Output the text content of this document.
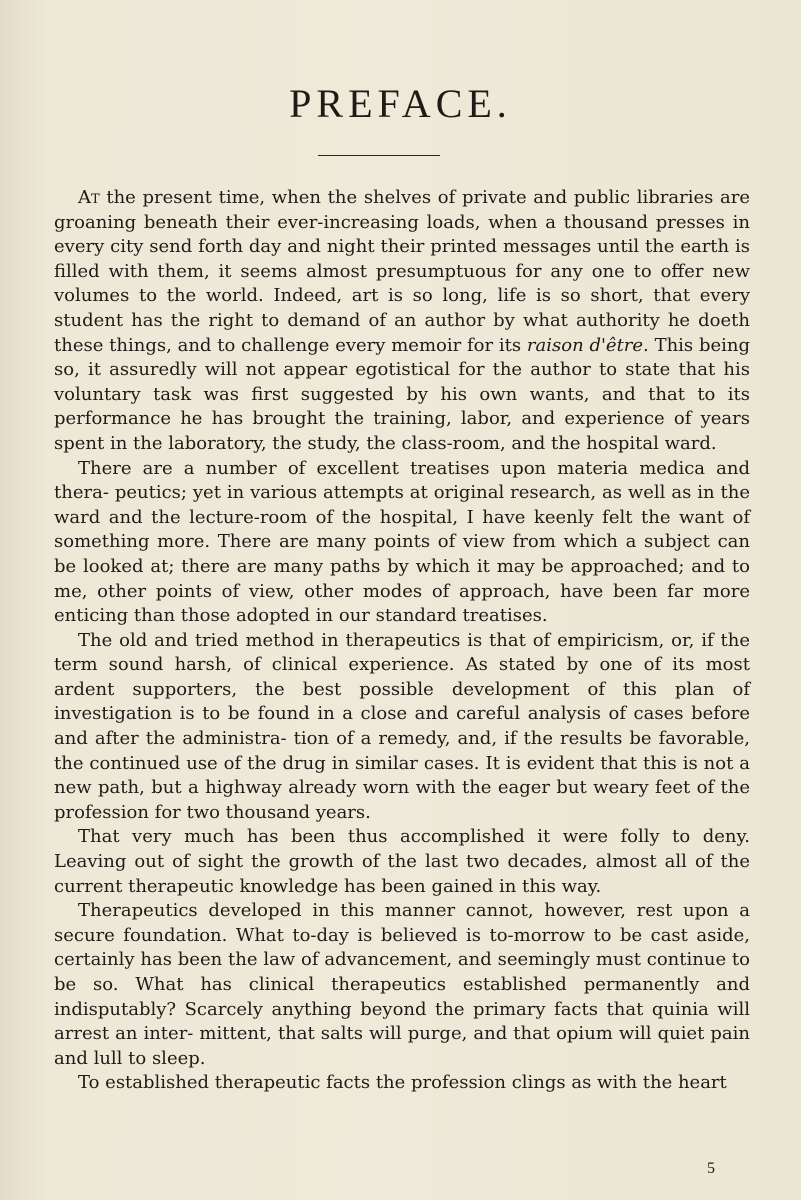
PREFACE.

At the present time, when the shelves of private and public libraries are groaning beneath their ever-increasing loads, when a thousand presses in every city send forth day and night their printed messages until the earth is filled with them, it seems almost presumptuous for any one to offer new volumes to the world. Indeed, art is so long, life is so short, that every student has the right to demand of an author by what authority he doeth these things, and to challenge every memoir for its raison d'être. This being so, it assuredly will not appear egotistical for the author to state that his voluntary task was first suggested by his own wants, and that to its performance he has brought the training, labor, and experience of years spent in the laboratory, the study, the class-room, and the hospital ward.

There are a number of excellent treatises upon materia medica and thera- peutics; yet in various attempts at original research, as well as in the ward and the lecture-room of the hospital, I have keenly felt the want of something more. There are many points of view from which a subject can be looked at; there are many paths by which it may be approached; and to me, other points of view, other modes of approach, have been far more enticing than those adopted in our standard treatises.

The old and tried method in therapeutics is that of empiricism, or, if the term sound harsh, of clinical experience. As stated by one of its most ardent supporters, the best possible development of this plan of investigation is to be found in a close and careful analysis of cases before and after the administra- tion of a remedy, and, if the results be favorable, the continued use of the drug in similar cases. It is evident that this is not a new path, but a highway already worn with the eager but weary feet of the profession for two thousand years.

That very much has been thus accomplished it were folly to deny. Leaving out of sight the growth of the last two decades, almost all of the current therapeutic knowledge has been gained in this way.

Therapeutics developed in this manner cannot, however, rest upon a secure foundation. What to-day is believed is to-morrow to be cast aside, certainly has been the law of advancement, and seemingly must continue to be so. What has clinical therapeutics established permanently and indisputably? Scarcely anything beyond the primary facts that quinia will arrest an inter- mittent, that salts will purge, and that opium will quiet pain and lull to sleep.

To established therapeutic facts the profession clings as with the heart

5
